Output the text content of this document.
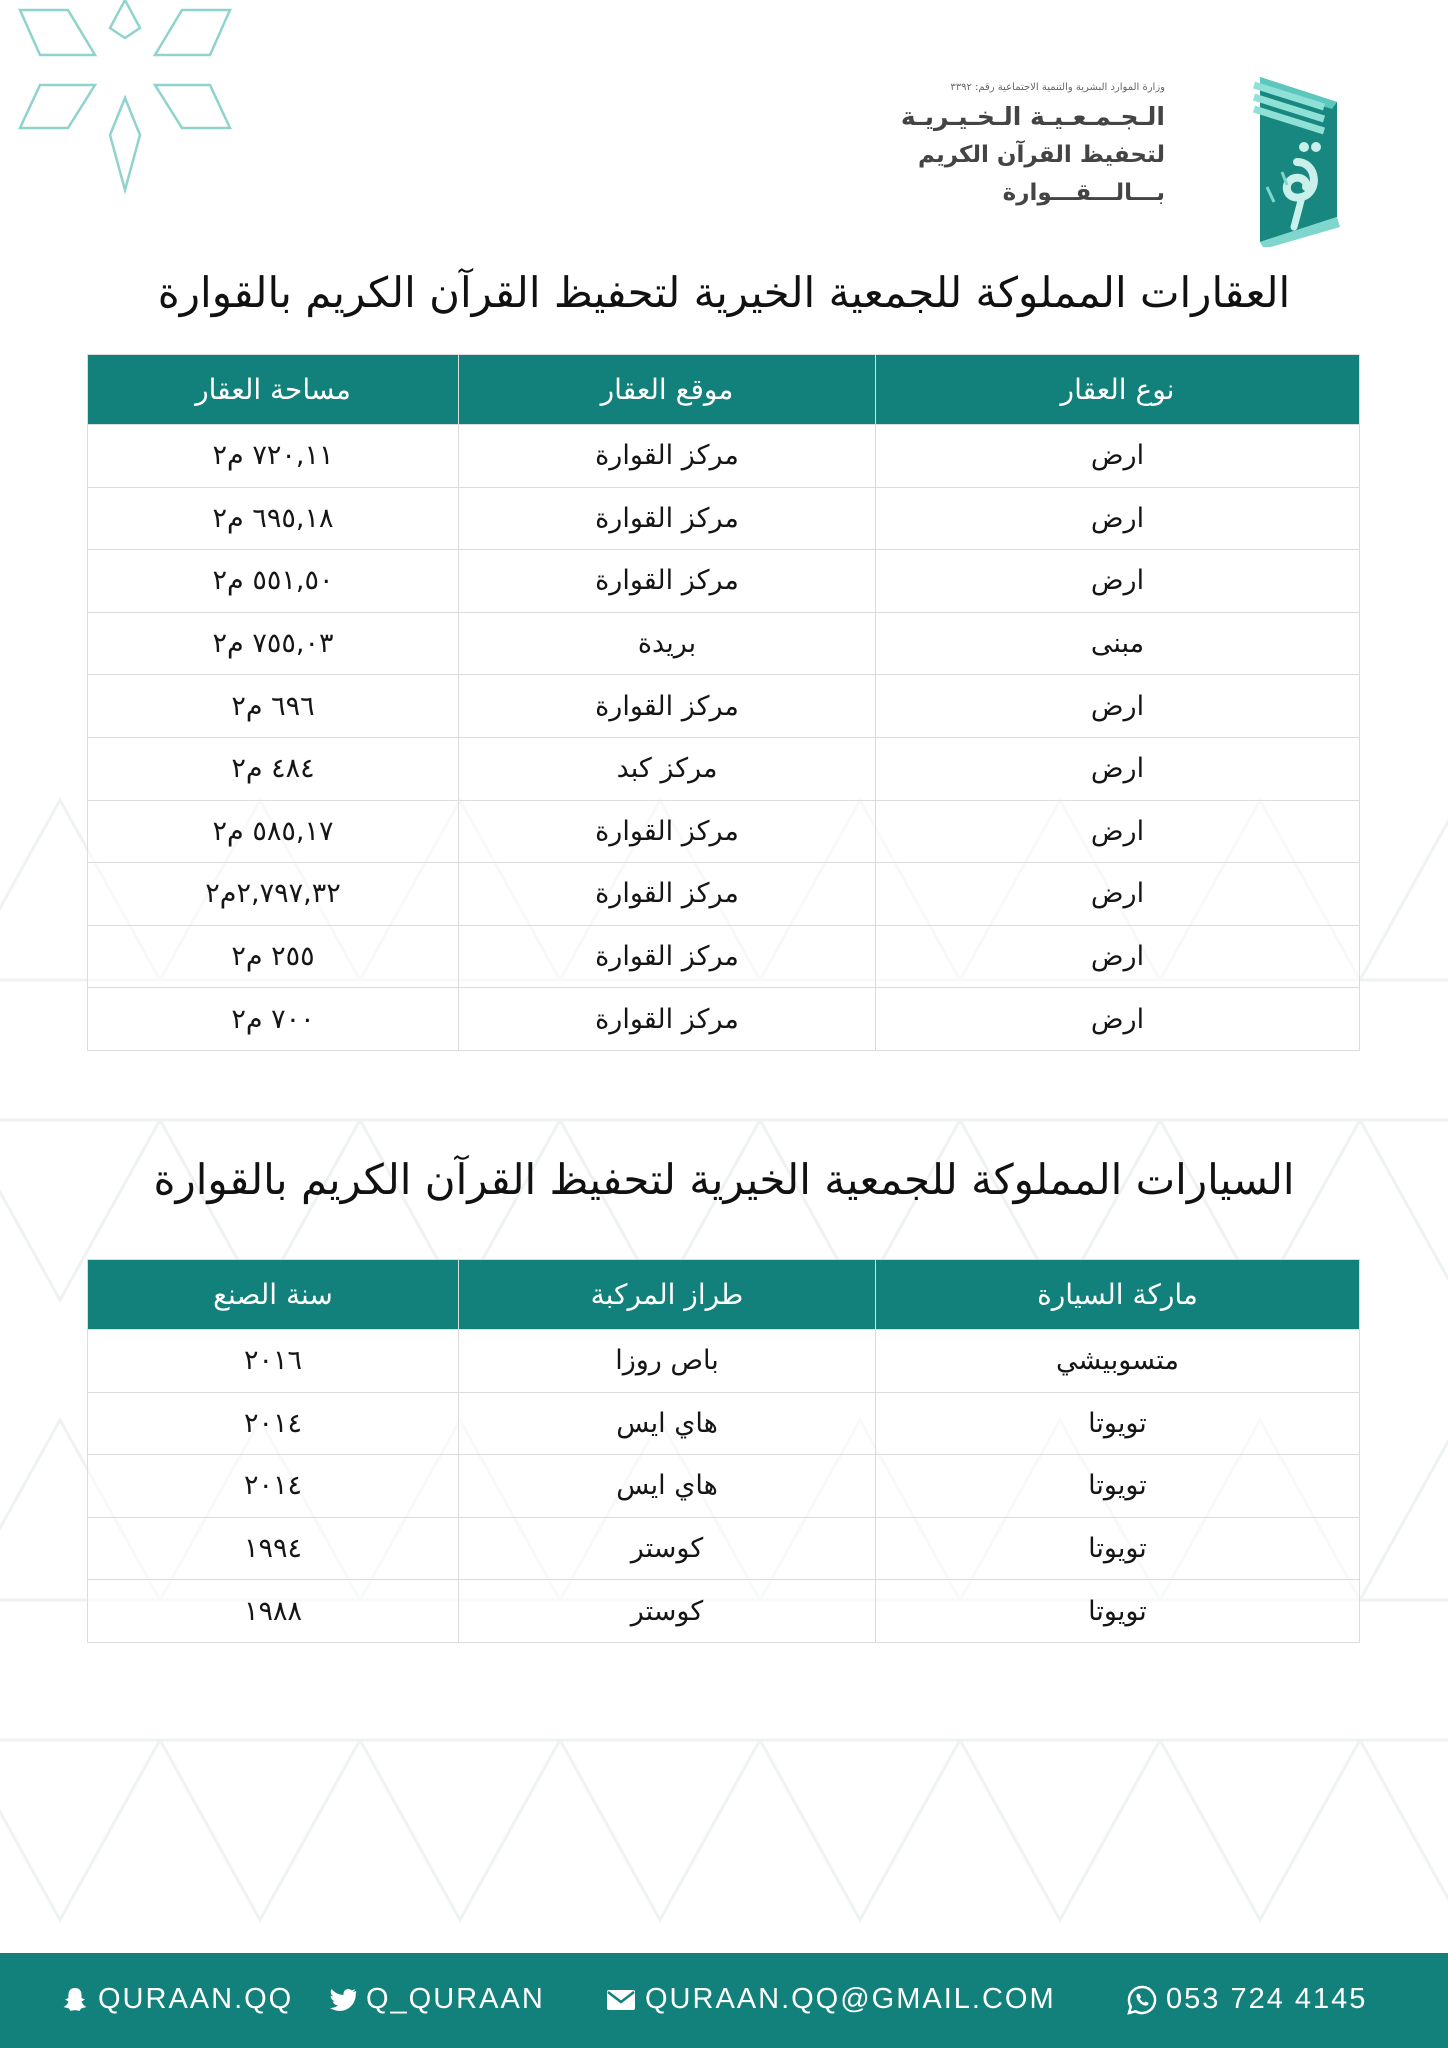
وزارة الموارد البشرية والتنمية الاجتماعية رقم: ٣٣٩٢
الـجـمـعـيـة الـخـيـريـة
لتحفيظ القرآن الكريم
بـــالـــقـــوارة
العقارات المملوكة للجمعية الخيرية لتحفيظ القرآن الكريم بالقوارة
نوع العقار	موقع العقار	مساحة العقار
ارض	مركز القوارة	٧٢٠,١١ م٢
ارض	مركز القوارة	٦٩٥,١٨ م٢
ارض	مركز القوارة	٥٥١,٥٠ م٢
مبنى	بريدة	٧٥٥,٠٣ م٢
ارض	مركز القوارة	٦٩٦ م٢
ارض	مركز كبد	٤٨٤ م٢
ارض	مركز القوارة	٥٨٥,١٧ م٢
ارض	مركز القوارة	٢,٧٩٧,٣٢م٢
ارض	مركز القوارة	٢٥٥ م٢
ارض	مركز القوارة	٧٠٠ م٢
السيارات المملوكة للجمعية الخيرية لتحفيظ القرآن الكريم بالقوارة
ماركة السيارة	طراز المركبة	سنة الصنع
متسوبيشي	باص روزا	٢٠١٦
تويوتا	هاي ايس	٢٠١٤
تويوتا	هاي ايس	٢٠١٤
تويوتا	كوستر	١٩٩٤
تويوتا	كوستر	١٩٨٨
QURAAN.QQ	Q_QURAAN	QURAAN.QQ@GMAIL.COM	053 724 4145
